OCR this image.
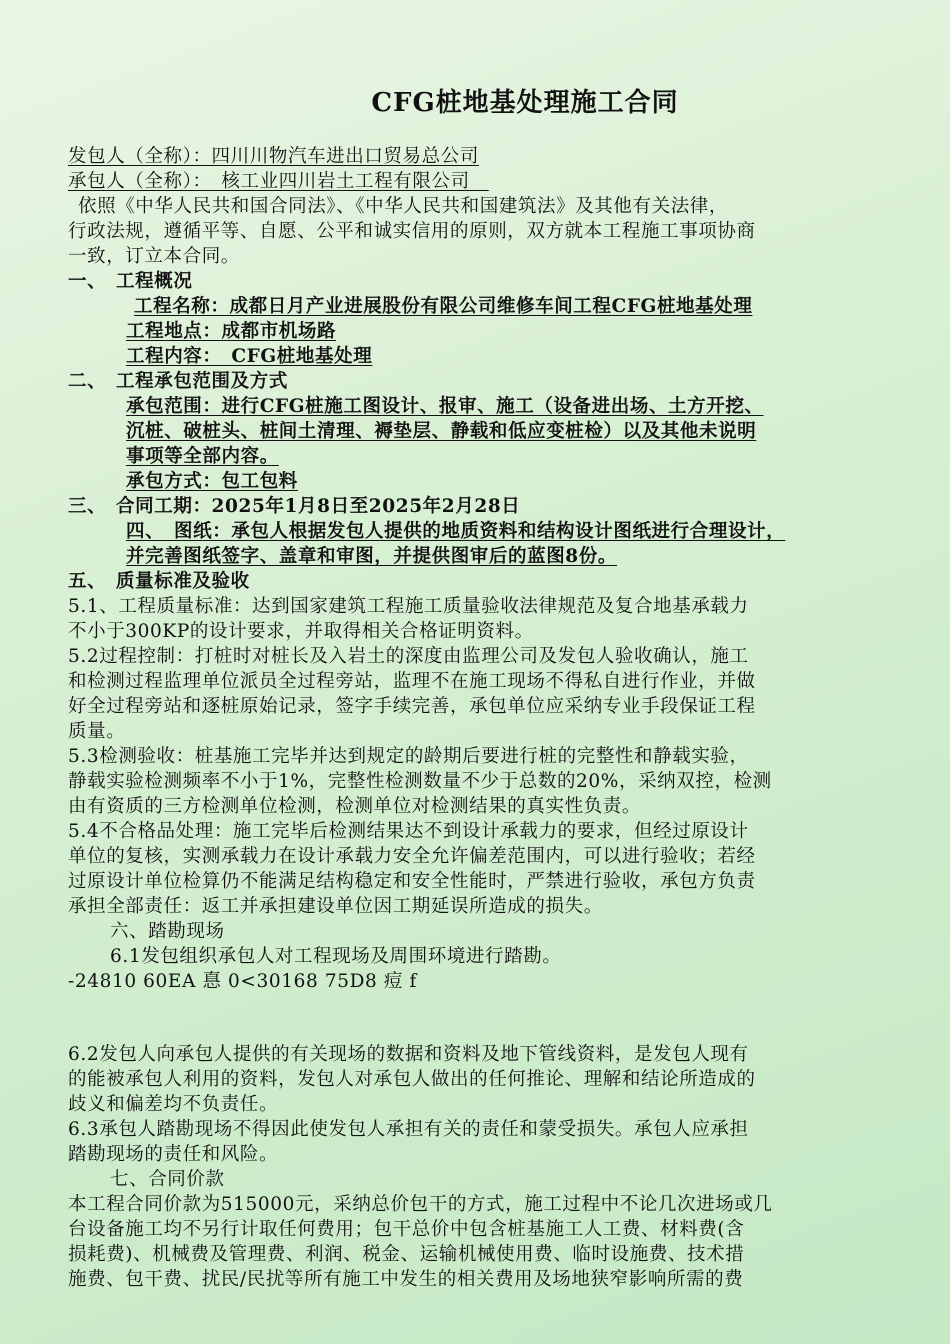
CFG桩地基处理施工合同
发包人（全称）：四川川物汽车进出口贸易总公司
承包人（全称）：　核工业四川岩土工程有限公司　
依照《中华人民共和国合同法》、《中华人民共和国建筑法》及其他有关法律，
行政法规，遵循平等、自愿、公平和诚实信用的原则，双方就本工程施工事项协商
一致，订立本合同。
一、　工程概况
工程名称：成都日月产业进展股份有限公司维修车间工程CFG桩地基处理
工程地点：成都市机场路
工程内容：　CFG桩地基处理
二、　工程承包范围及方式
承包范围：进行CFG桩施工图设计、报审、施工（设备进出场、土方开挖、
沉桩、破桩头、桩间土清理、褥垫层、静载和低应变桩检）以及其他未说明
事项等全部内容。
承包方式：包工包料
三、　合同工期：2025年1月8日至2025年2月28日
四、　图纸：承包人根据发包人提供的地质资料和结构设计图纸进行合理设计，
并完善图纸签字、盖章和审图，并提供图审后的蓝图8份。
五、　质量标准及验收
5.1、工程质量标准：达到国家建筑工程施工质量验收法律规范及复合地基承载力
不小于300KP的设计要求，并取得相关合格证明资料。
5.2过程控制：打桩时对桩长及入岩土的深度由监理公司及发包人验收确认，施工
和检测过程监理单位派员全过程旁站，监理不在施工现场不得私自进行作业，并做
好全过程旁站和逐桩原始记录，签字手续完善，承包单位应采纳专业手段保证工程
质量。
5.3检测验收：桩基施工完毕并达到规定的龄期后要进行桩的完整性和静载实验，
静载实验检测频率不小于1%，完整性检测数量不少于总数的20%，采纳双控，检测
由有资质的三方检测单位检测，检测单位对检测结果的真实性负责。
5.4不合格品处理：施工完毕后检测结果达不到设计承载力的要求，但经过原设计
单位的复核，实测承载力在设计承载力安全允许偏差范围内，可以进行验收；若经
过原设计单位检算仍不能满足结构稳定和安全性能时，严禁进行验收，承包方负责
承担全部责任：返工并承担建设单位因工期延误所造成的损失。
六、踏勘现场
6.1发包组织承包人对工程现场及周围环境进行踏勘。
-24810 60EA 惪 0<30168 75D8 痘 f
6.2发包人向承包人提供的有关现场的数据和资料及地下管线资料，是发包人现有
的能被承包人利用的资料，发包人对承包人做出的任何推论、理解和结论所造成的
歧义和偏差均不负责任。
6.3承包人踏勘现场不得因此使发包人承担有关的责任和蒙受损失。承包人应承担
踏勘现场的责任和风险。
七、合同价款
本工程合同价款为515000元，采纳总价包干的方式，施工过程中不论几次进场或几
台设备施工均不另行计取任何费用；包干总价中包含桩基施工人工费、材料费(含
损耗费)、机械费及管理费、利润、税金、运输机械使用费、临时设施费、技术措
施费、包干费、扰民/民扰等所有施工中发生的相关费用及场地狭窄影响所需的费
